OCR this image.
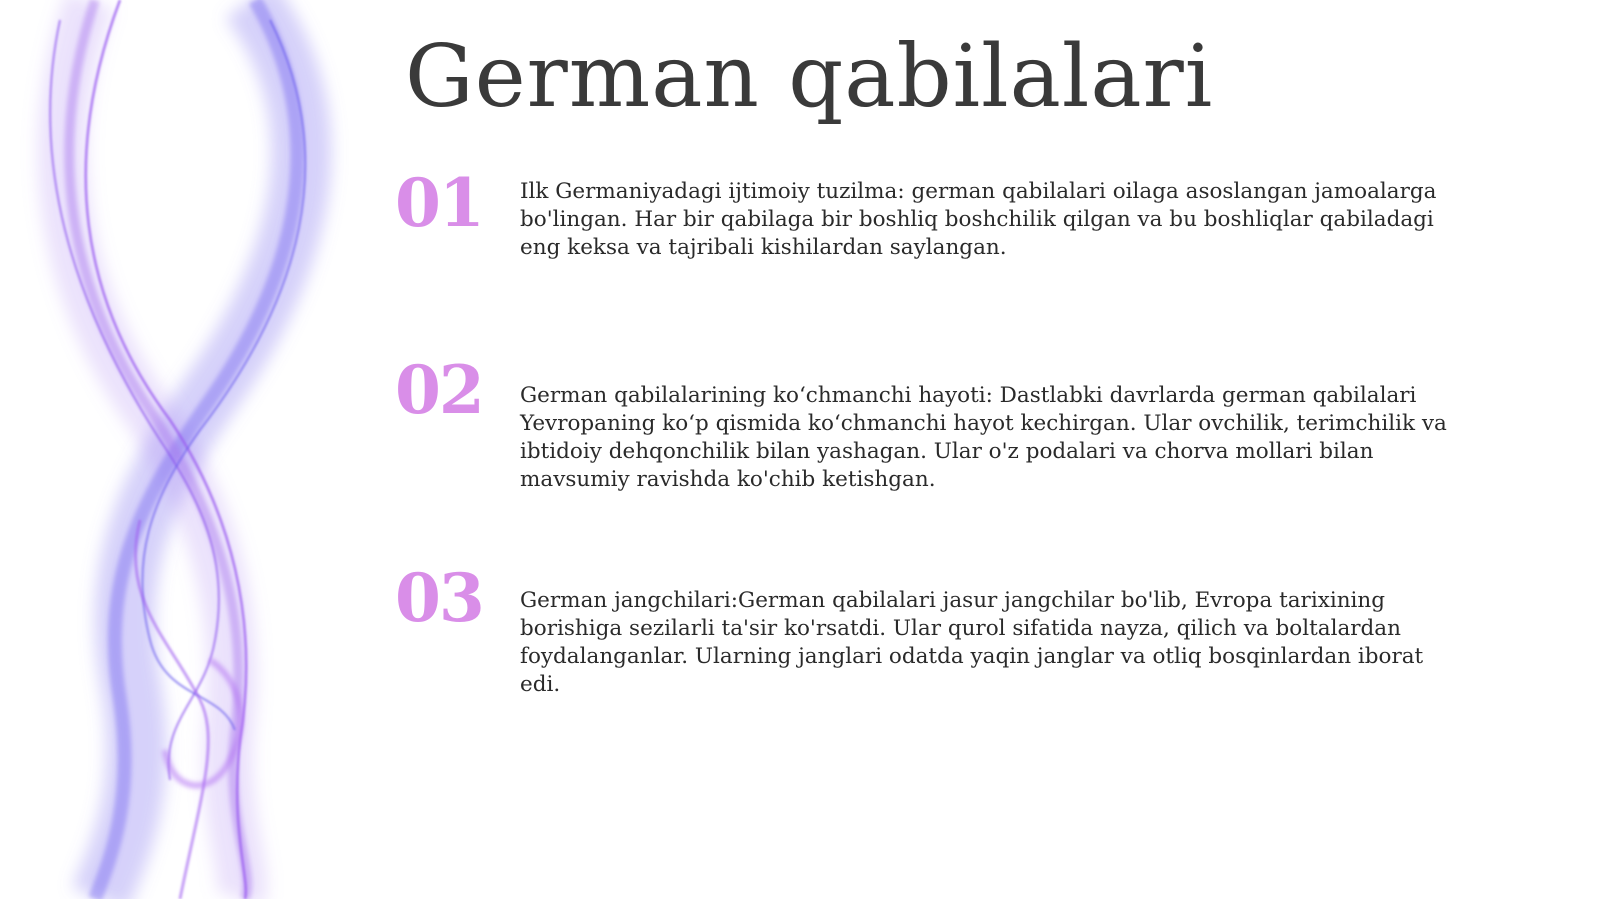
German qabilalari
01 Ilk Germaniyadagi ijtimoiy tuzilma: german qabilalari oilaga asoslangan jamoalarga bo'lingan. Har bir qabilaga bir boshliq boshchilik qilgan va bu boshliqlar qabiladagi eng keksa va tajribali kishilardan saylangan.
02 German qabilalarining ko‘chmanchi hayoti: Dastlabki davrlarda german qabilalari Yevropaning ko‘p qismida ko‘chmanchi hayot kechirgan. Ular ovchilik, terimchilik va ibtidoiy dehqonchilik bilan yashagan. Ular o'z podalari va chorva mollari bilan mavsumiy ravishda ko'chib ketishgan.
03 German jangchilari:German qabilalari jasur jangchilar bo'lib, Evropa tarixining borishiga sezilarli ta'sir ko'rsatdi. Ular qurol sifatida nayza, qilich va boltalardan foydalanganlar. Ularning janglari odatda yaqin janglar va otliq bosqinlardan iborat edi.
